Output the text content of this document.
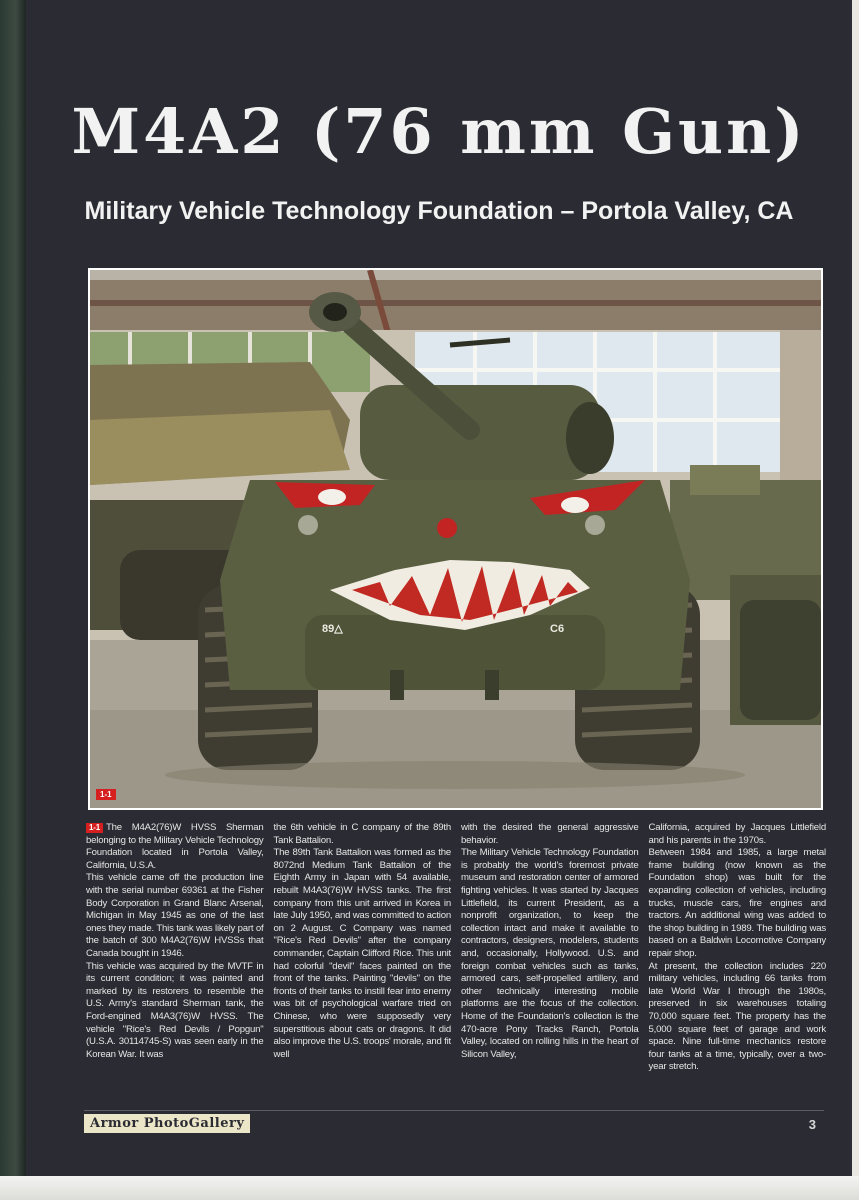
M4A2 (76 mm Gun)
Military Vehicle Technology Foundation – Portola Valley, CA
89△	C6
1-1

1-1 The M4A2(76)W HVSS Sherman belonging to the Military Vehicle Technology Foundation located in Portola Valley, California, U.S.A.

This vehicle came off the production line with the serial number 69361 at the Fisher Body Corporation in Grand Blanc Arsenal, Michigan in May 1945 as one of the last ones they made. This tank was likely part of the batch of 300 M4A2(76)W HVSSs that Canada bought in 1946.

This vehicle was acquired by the MVTF in its current condition; it was painted and marked by its restorers to resemble the U.S. Army's standard Sherman tank, the Ford-engined M4A3(76)W HVSS. The vehicle "Rice's Red Devils / Popgun" (U.S.A. 30114745-S) was seen early in the Korean War. It was

the 6th vehicle in C company of the 89th Tank Battalion.

The 89th Tank Battalion was formed as the 8072nd Medium Tank Battalion of the Eighth Army in Japan with 54 available, rebuilt M4A3(76)W HVSS tanks. The first company from this unit arrived in Korea in late July 1950, and was committed to action on 2 August. C Company was named "Rice's Red Devils" after the company commander, Captain Clifford Rice. This unit had colorful "devil" faces painted on the front of the tanks. Painting "devils" on the fronts of their tanks to instill fear into enemy was bit of psychological warfare tried on Chinese, who were supposedly very superstitious about cats or dragons. It did also improve the U.S. troops' morale, and fit well

with the desired the general aggressive behavior.

The Military Vehicle Technology Foundation is probably the world's foremost private museum and restoration center of armored fighting vehicles. It was started by Jacques Littlefield, its current President, as a nonprofit organization, to keep the collection intact and make it available to contractors, designers, modelers, students and, occasionally, Hollywood. U.S. and foreign combat vehicles such as tanks, armored cars, self-propelled artillery, and other technically interesting mobile platforms are the focus of the collection. Home of the Foundation's collection is the 470-acre Pony Tracks Ranch, Portola Valley, located on rolling hills in the heart of Silicon Valley,

California, acquired by Jacques Littlefield and his parents in the 1970s.

Between 1984 and 1985, a large metal frame building (now known as the Foundation shop) was built for the expanding collection of vehicles, including trucks, muscle cars, fire engines and tractors. An additional wing was added to the shop building in 1989. The building was based on a Baldwin Locomotive Company repair shop.

At present, the collection includes 220 military vehicles, including 66 tanks from late World War I through the 1980s, preserved in six warehouses totaling 70,000 square feet. The property has the 5,000 square feet of garage and work space. Nine full-time mechanics restore four tanks at a time, typically, over a two-year stretch.

Armor PhotoGallery	3
